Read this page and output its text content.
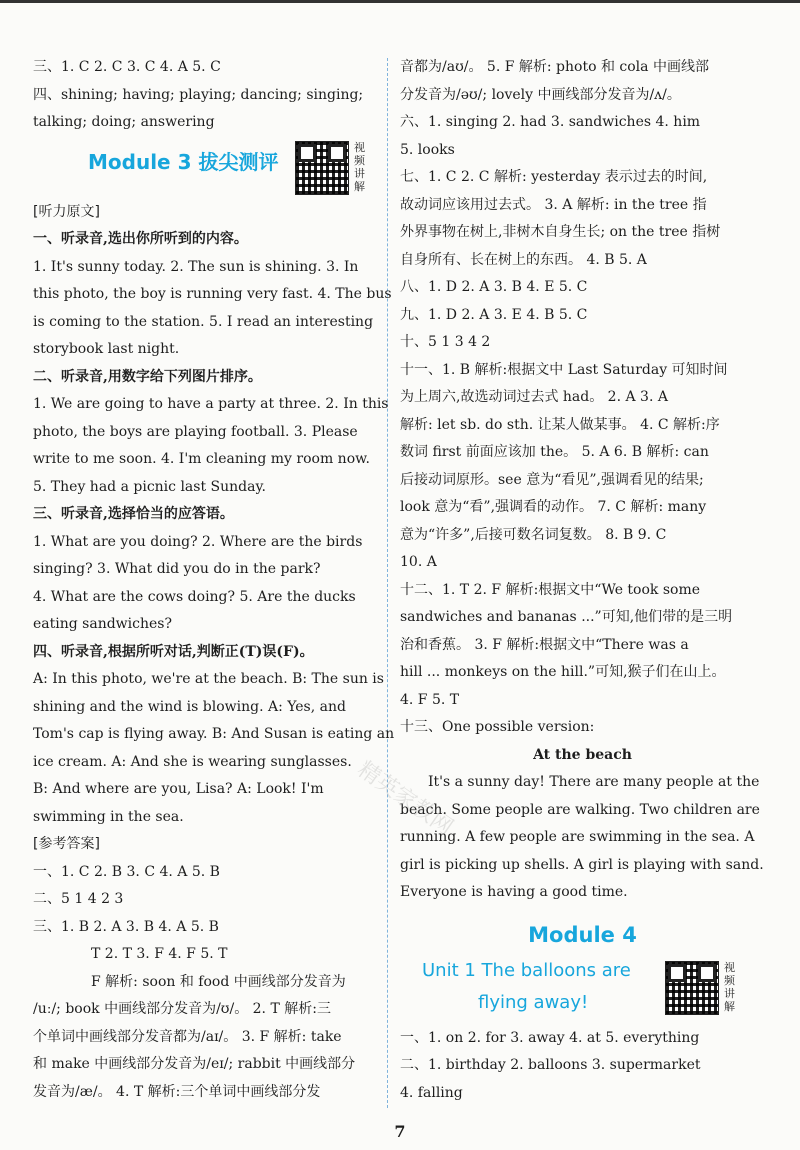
三、1. C 2. C 3. C 4. A 5. C
四、shining; having; playing; dancing; singing;
talking; doing; answering
Module 3 拔尖测评
视频讲解
[听力原文]
一、听录音,选出你所听到的内容。
1. It's sunny today. 2. The sun is shining. 3. In
this photo, the boy is running very fast. 4. The bus
is coming to the station. 5. I read an interesting
storybook last night.
二、听录音,用数字给下列图片排序。
1. We are going to have a party at three. 2. In this
photo, the boys are playing football. 3. Please
write to me soon. 4. I'm cleaning my room now.
5. They had a picnic last Sunday.
三、听录音,选择恰当的应答语。
1. What are you doing? 2. Where are the birds
singing? 3. What did you do in the park?
4. What are the cows doing? 5. Are the ducks
eating sandwiches?
四、听录音,根据所听对话,判断正(T)误(F)。
A: In this photo, we're at the beach. B: The sun is
shining and the wind is blowing. A: Yes, and
Tom's cap is flying away. B: And Susan is eating an
ice cream. A: And she is wearing sunglasses.
B: And where are you, Lisa? A: Look! I'm
swimming in the sea.
[参考答案]
一、1. C 2. B 3. C 4. A 5. B
二、5 1 4 2 3
三、1. B 2. A 3. B 4. A 5. B
T 2. T 3. F 4. F 5. T
F 解析: soon 和 food 中画线部分发音为
/uː/; book 中画线部分发音为/ʊ/。 2. T 解析:三
个单词中画线部分发音都为/aɪ/。 3. F 解析: take
和 make 中画线部分发音为/eɪ/; rabbit 中画线部分
发音为/æ/。 4. T 解析:三个单词中画线部分发
音都为/aʊ/。 5. F 解析: photo 和 cola 中画线部
分发音为/əʊ/; lovely 中画线部分发音为/ʌ/。
六、1. singing 2. had 3. sandwiches 4. him
5. looks
七、1. C 2. C 解析: yesterday 表示过去的时间,
故动词应该用过去式。 3. A 解析: in the tree 指
外界事物在树上,非树木自身生长; on the tree 指树
自身所有、长在树上的东西。 4. B 5. A
八、1. D 2. A 3. B 4. E 5. C
九、1. D 2. A 3. E 4. B 5. C
十、5 1 3 4 2
十一、1. B 解析:根据文中 Last Saturday 可知时间
为上周六,故选动词过去式 had。 2. A 3. A
解析: let sb. do sth. 让某人做某事。 4. C 解析:序
数词 first 前面应该加 the。 5. A 6. B 解析: can
后接动词原形。see 意为“看见”,强调看见的结果;
look 意为“看”,强调看的动作。 7. C 解析: many
意为“许多”,后接可数名词复数。 8. B 9. C
10. A
十二、1. T 2. F 解析:根据文中“We took some
sandwiches and bananas ...”可知,他们带的是三明
治和香蕉。 3. F 解析:根据文中“There was a
hill ... monkeys on the hill.”可知,猴子们在山上。
4. F 5. T
十三、One possible version:
At the beach
It's a sunny day! There are many people at the
beach. Some people are walking. Two children are
running. A few people are swimming in the sea. A
girl is picking up shells. A girl is playing with sand.
Everyone is having a good time.
Module 4
Unit 1 The balloons are
flying away!
视频讲解
一、1. on 2. for 3. away 4. at 5. everything
二、1. birthday 2. balloons 3. supermarket
4. falling
精英家教网
7
